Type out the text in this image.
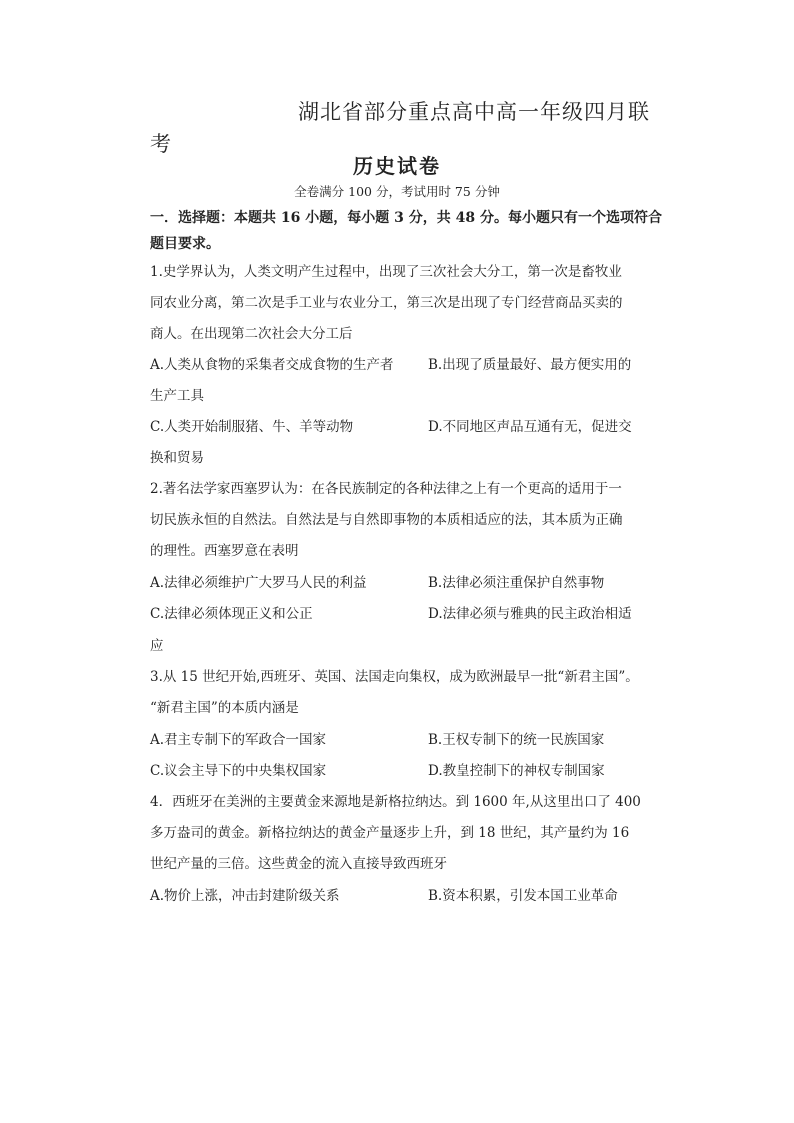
湖北省部分重点高中高一年级四月联
考
历史试卷
全卷满分 100 分，考试用时 75 分钟
一．选择题：本题共 16 小题，每小题 3 分，共 48 分。每小题只有一个选项符合
题目要求。
1.史学界认为，人类文明产生过程中，出现了三次社会大分工，第一次是畜牧业
同农业分离，第二次是手工业与农业分工，第三次是出现了专门经营商品买卖的
商人。在出现第二次社会大分工后
A.人类从食物的采集者交成食物的生产者	B.出现了质量最好、最方便实用的
生产工具
C.人类开始制服猪、牛、羊等动物	D.不同地区声品互通有无，促进交
换和贸易
2.著名法学家西塞罗认为：在各民族制定的各种法律之上有一个更高的适用于一
切民族永恒的自然法。自然法是与自然即事物的本质相适应的法，其本质为正确
的理性。西塞罗意在表明
A.法律必须维护广大罗马人民的利益	B.法律必须注重保护自然事物
C.法律必须体现正义和公正	D.法律必须与雅典的民主政治相适
应
3.从 15 世纪开始,西班牙、英国、法国走向集权，成为欧洲最早一批“新君主国”。
“新君主国”的本质内涵是
A.君主专制下的军政合一国家	B.王权专制下的统一民族国家
C.议会主导下的中央集权国家	D.教皇控制下的神权专制国家
4．西班牙在美洲的主要黄金来源地是新格拉纳达。到 1600 年,从这里出口了 400
多万盎司的黄金。新格拉纳达的黄金产量逐步上升，到 18 世纪，其产量约为 16
世纪产量的三倍。这些黄金的流入直接导致西班牙
A.物价上涨，冲击封建阶级关系	B.资本积累，引发本国工业革命
